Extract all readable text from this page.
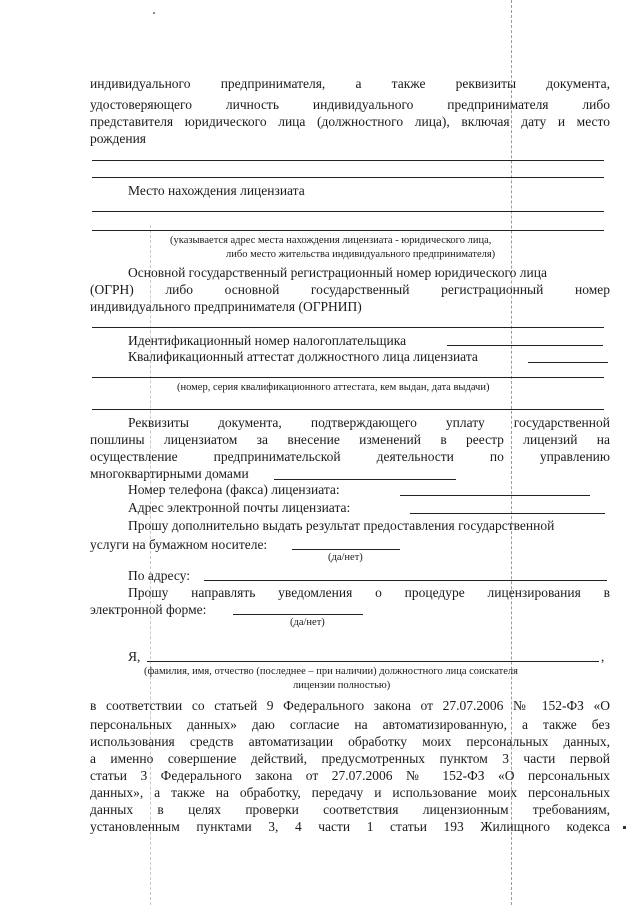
индивидуального предпринимателя, а также реквизиты документа,
удостоверяющего личность индивидуального предпринимателя либо
представителя юридического лица (должностного лица), включая дату и место
рождения
Место нахождения лицензиата
(указывается адрес места нахождения лицензиата - юридического лица,
либо место жительства индивидуального предпринимателя)
Основной государственный регистрационный номер юридического лица
(ОГРН) либо основной государственный регистрационный номер
индивидуального предпринимателя (ОГРНИП)
Идентификационный номер налогоплательщика
Квалификационный аттестат должностного лица лицензиата
(номер, серия квалификационного аттестата, кем выдан, дата выдачи)
Реквизиты документа, подтверждающего уплату государственной
пошлины лицензиатом за внесение изменений в реестр лицензий на
осуществление предпринимательской деятельности по управлению
многоквартирными домами
Номер телефона (факса) лицензиата:
Адрес электронной почты лицензиата:
Прошу дополнительно выдать результат предоставления государственной
услуги на бумажном носителе:
(да/нет)
По адресу:
Прошу направлять уведомления о процедуре лицензирования в
электронной форме:
(да/нет)
Я,	,
(фамилия, имя, отчество (последнее – при наличии) должностного лица соискателя
лицензии полностью)
в соответствии со статьей 9 Федерального закона от 27.07.2006 № 152-ФЗ «О
персональных данных» даю согласие на автоматизированную, а также без
использования средств автоматизации обработку моих персональных данных,
а именно совершение действий, предусмотренных пунктом 3 части первой
статьи 3 Федерального закона от 27.07.2006 № 152-ФЗ «О персональных
данных», а также на обработку, передачу и использование моих персональных
данных в целях проверки соответствия лицензионным требованиям,
установленным пунктами 3, 4 части 1 статьи 193 Жилищного кодекса
